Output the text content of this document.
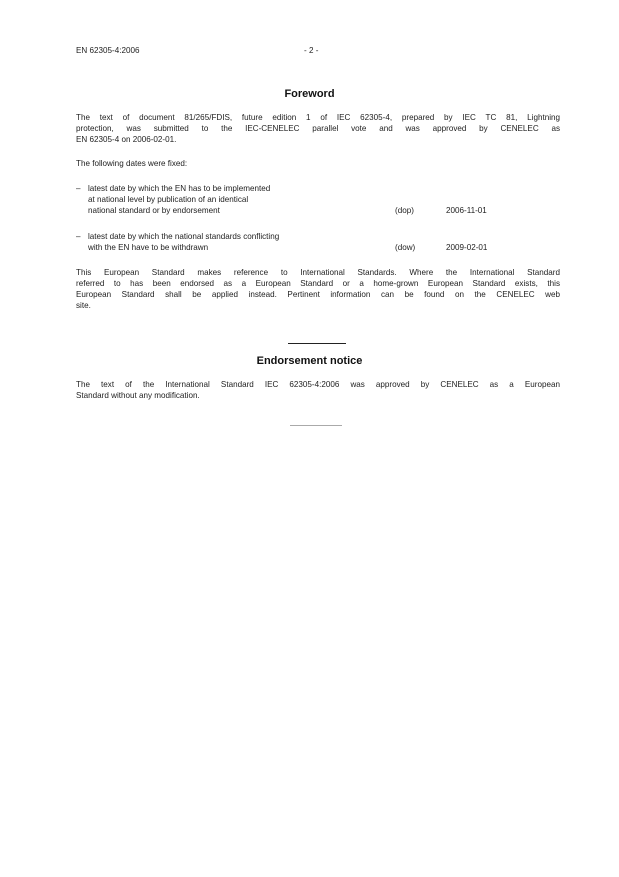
EN 62305-4:2006	- 2 -
Foreword
The text of document 81/265/FDIS, future edition 1 of IEC 62305-4, prepared by IEC TC 81, Lightning
protection, was submitted to the IEC-CENELEC parallel vote and was approved by CENELEC as
EN 62305-4 on 2006-02-01.
The following dates were fixed:
– latest date by which the EN has to be implemented
at national level by publication of an identical
national standard or by endorsement	(dop)	2006-11-01
– latest date by which the national standards conflicting
with the EN have to be withdrawn	(dow)	2009-02-01
This European Standard makes reference to International Standards. Where the International Standard
referred to has been endorsed as a European Standard or a home-grown European Standard exists, this
European Standard shall be applied instead. Pertinent information can be found on the CENELEC web
site.
Endorsement notice
The text of the International Standard IEC 62305-4:2006 was approved by CENELEC as a European
Standard without any modification.
